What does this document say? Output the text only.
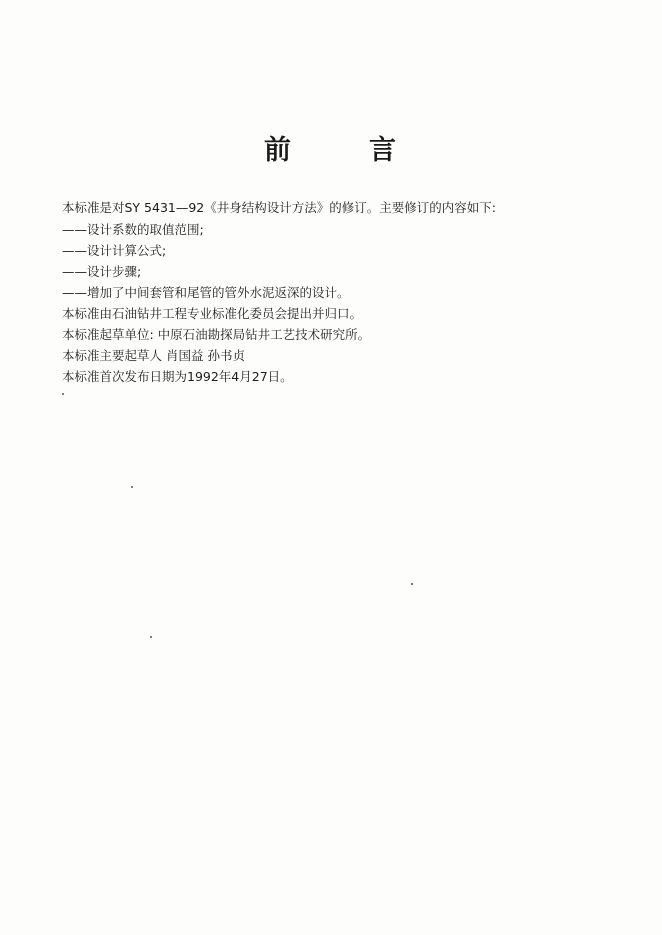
前	言
本标准是对SY 5431—92《井身结构设计方法》的修订。主要修订的内容如下:
——设计系数的取值范围;
——设计计算公式;
——设计步骤;
——增加了中间套管和尾管的管外水泥返深的设计。
本标准由石油钻井工程专业标准化委员会提出并归口。
本标准起草单位: 中原石油勘探局钻井工艺技术研究所。
本标准主要起草人 肖国益 孙书贞
本标准首次发布日期为1992年4月27日。
